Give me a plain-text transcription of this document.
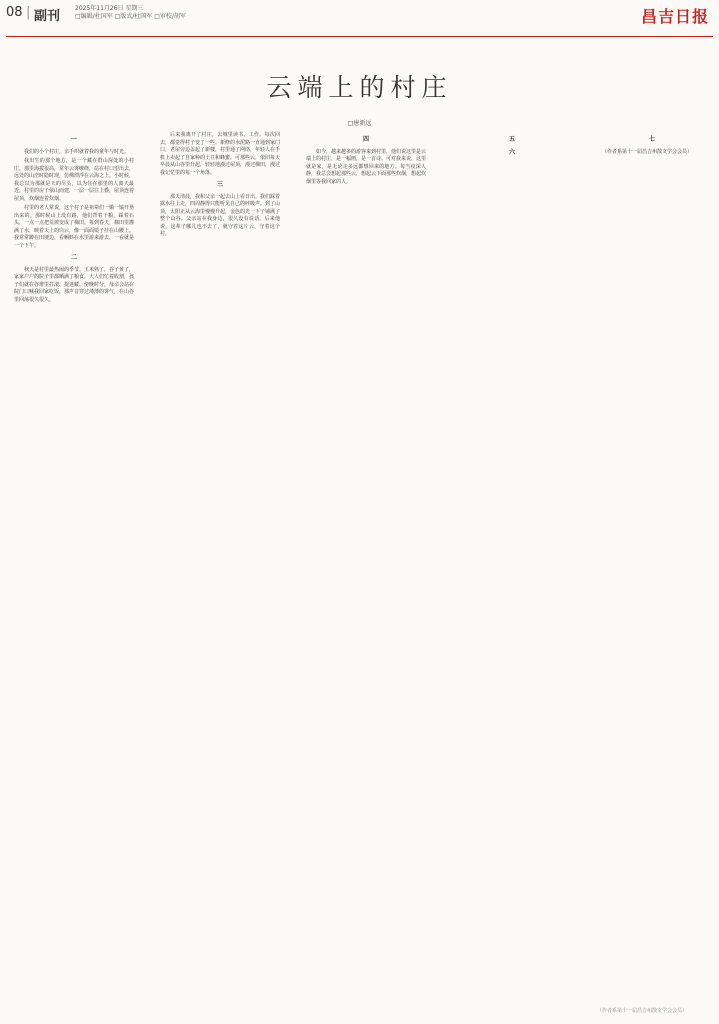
08 | 副刊
2025年11月26日 星期三
□编辑/杜国军 □版式/杜国军 □审校/胡军	昌吉日报
云端上的村庄
□唐新远
一

我们的小个村庄，亲手织就着我的童年与时光。

我出生的那个地方，是一个藏在群山深处的小村庄。那里海拔很高，常年云雾缭绕，站在村口望出去，远处的山峦时隐时现，仿佛漂浮在云海之上。小时候，我总以为那就是天的尽头，以为住在那里的人离天最近。村里的房子依山而建，一层一层往上叠，屋顶连着屋顶，炊烟连着炊烟。

村里的老人常说，这个村子是祖辈们一锄一镐开垦出来的。那时候山上没有路，他们背着干粮，踩着石头，一点一点把荒坡变成了梯田。每到春天，梯田里灌满了水，映着天上的白云，像一面面镜子挂在山腰上。我常常蹲在田埂边，看蝌蚪在水里游来游去，一看就是一个下午。

二

秋天是村里最热闹的季节。玉米熟了，谷子黄了，家家户户的院子里都晒满了粮食。大人们忙着收割，孩子们就在谷堆里打滚、捉迷藏。傍晚时分，母亲会站在院门口喊我回家吃饭，那声音穿过薄薄的雾气，在山谷里回荡很久很久。

后来我离开了村庄，去城里读书、工作。每次回去，都觉得村子变了一些。新修的水泥路一直通到家门口，老屋旁边盖起了新楼，村里通了网络，年轻人在手机上卖起了自家种的土豆和蜂蜜。可那些云，依旧每天早晨从山谷里升起，轻轻地漫过屋顶，漫过梯田，漫过我记忆里的每一个角落。

三

那天清晨，我和父亲一起去山上看日出。我们踩着露水往上走，四周静得只能听见自己的呼吸声。到了山顶，太阳正从云海里慢慢升起，金色的光一下子铺满了整个山谷。父亲站在我身边，很久没有说话。后来他说，这辈子哪儿也不去了，就守着这片云，守着这个村。

四

如今，越来越多的游客来到村里，他们说这里是云端上的村庄，是一幅画，是一首诗。可对我来说，这里就是家，是无论走多远都想回来的地方。每当夜深人静，我总会想起那些云，想起云下面那些炊烟，想起炊烟里等我回家的人。

五
六
七

（作者系第十一届昌吉州散文学会会员）

（作者系第十一届昌吉州散文学会会员）
